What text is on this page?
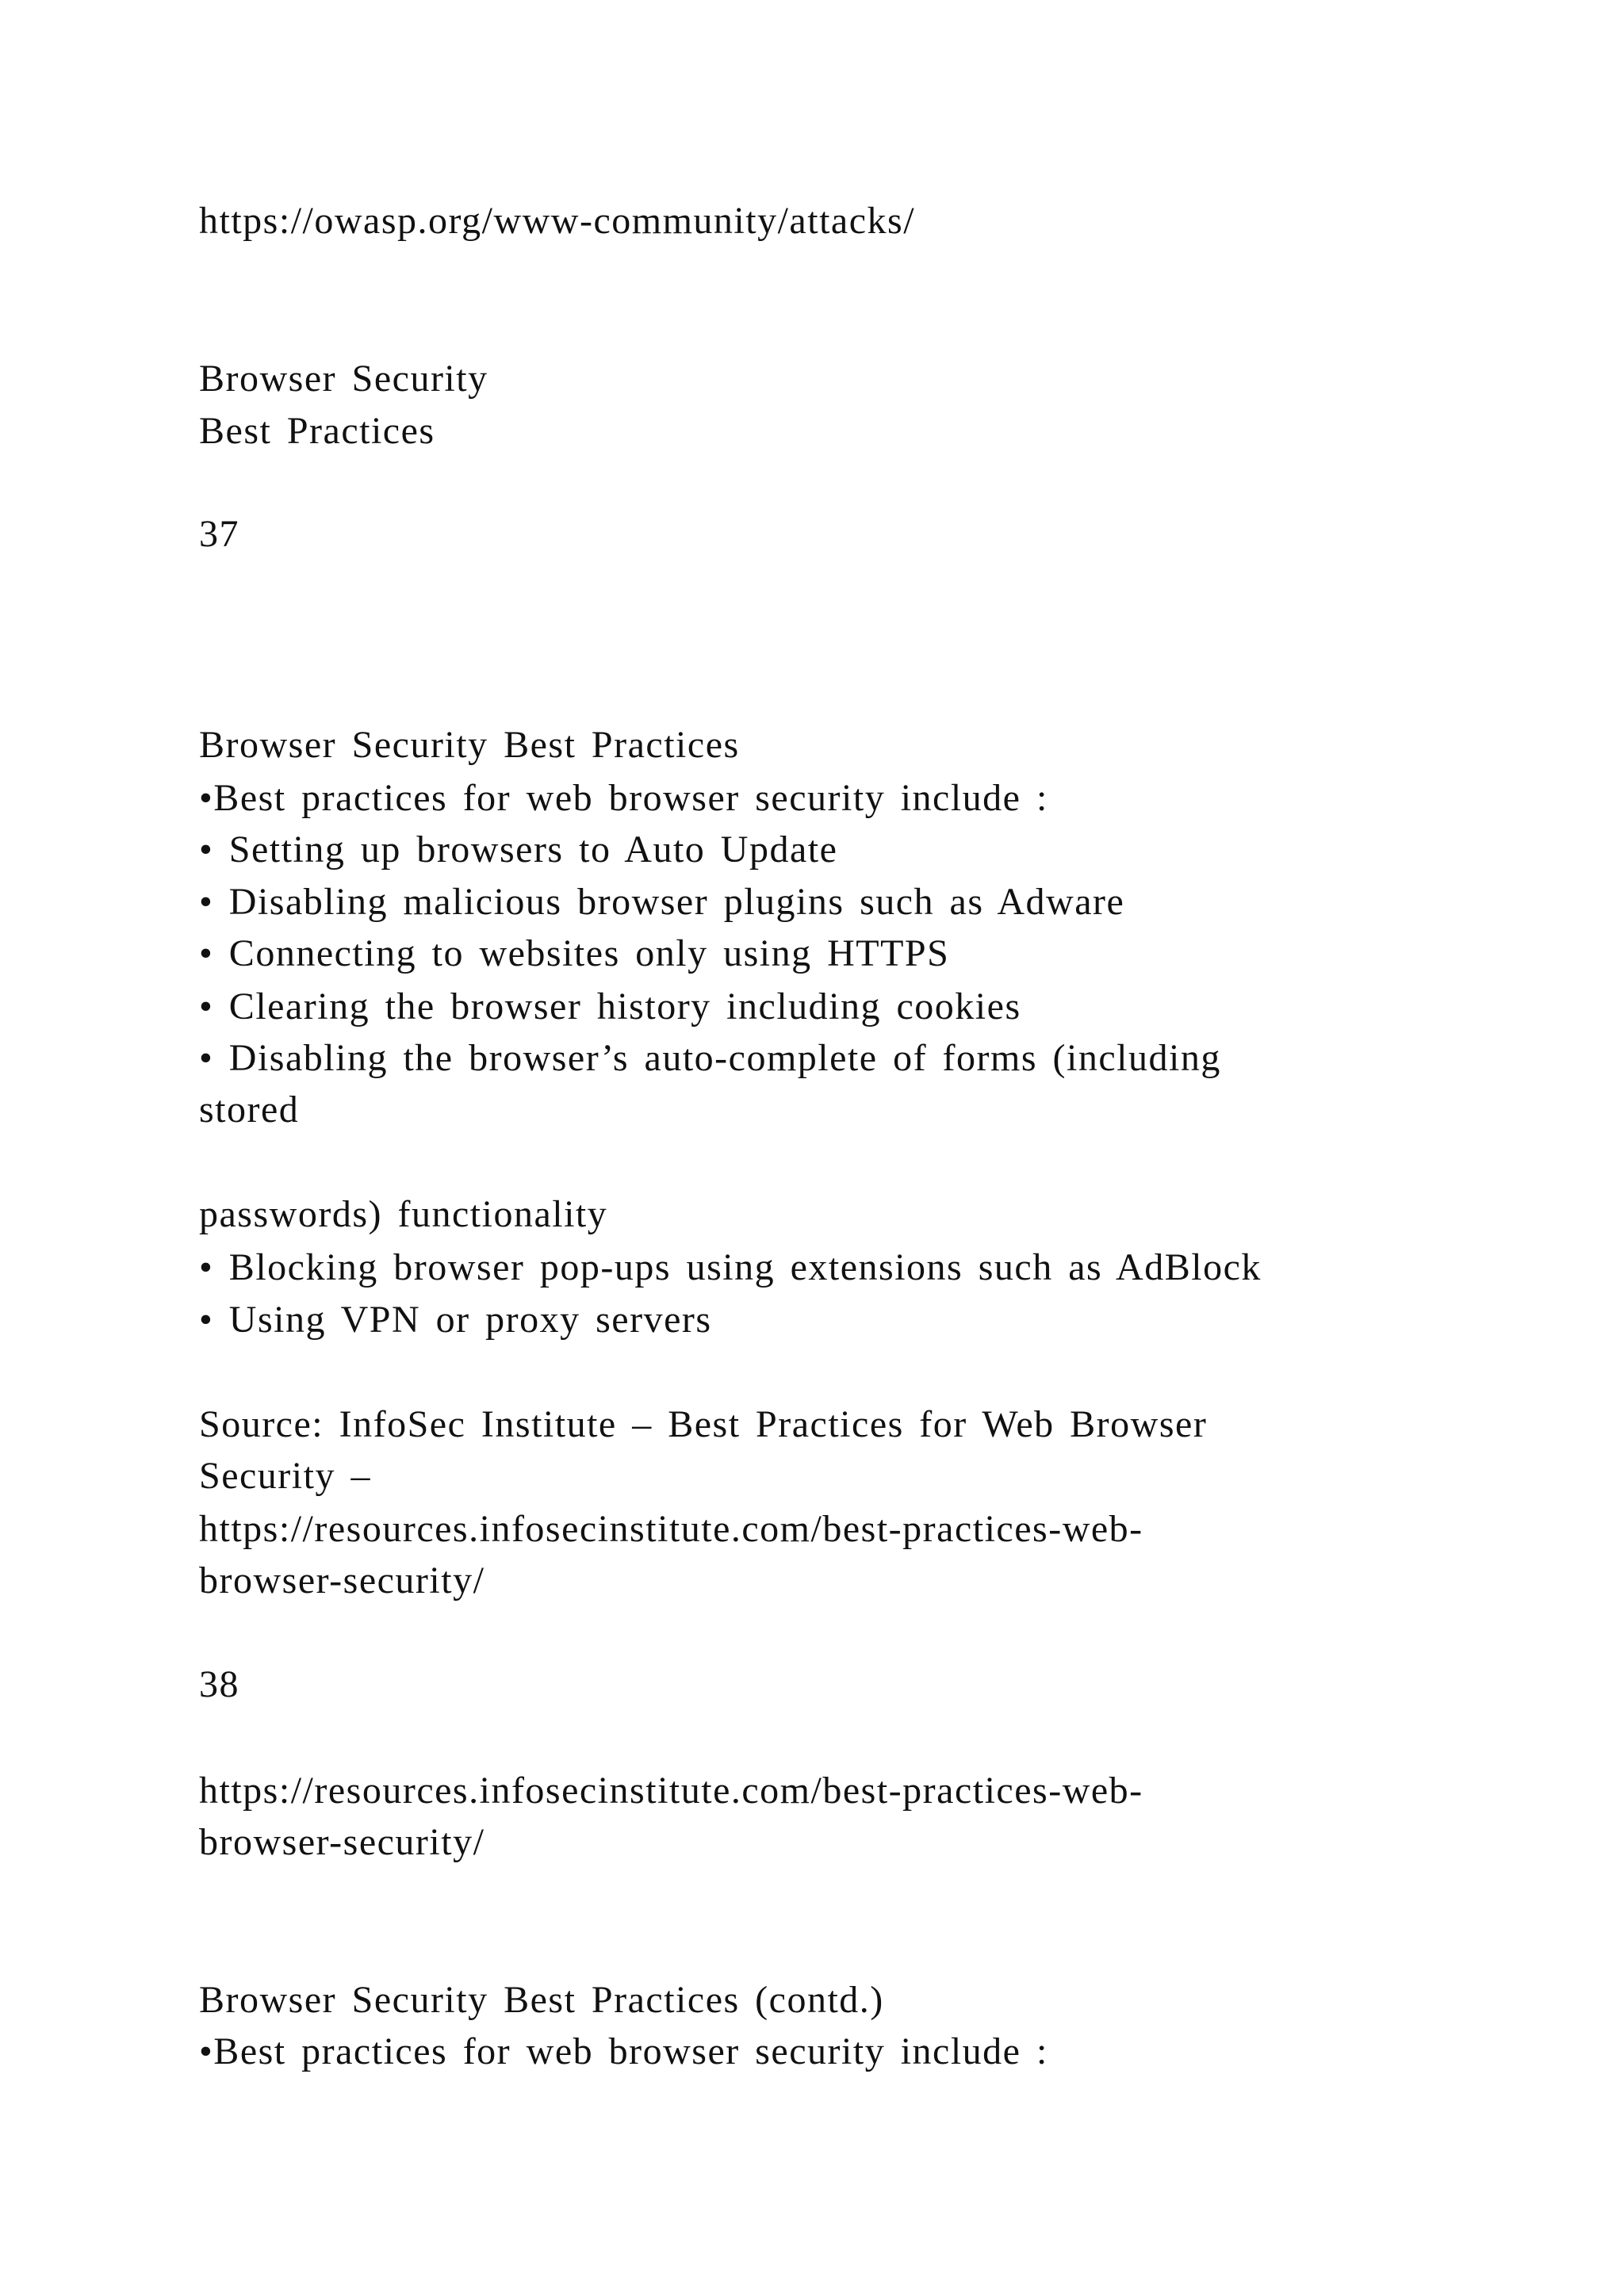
https://owasp.org/www-community/attacks/
Browser Security
Best Practices
37
Browser Security Best Practices
•Best practices for web browser security include :
• Setting up browsers to Auto Update
• Disabling malicious browser plugins such as Adware
• Connecting to websites only using HTTPS
• Clearing the browser history including cookies
• Disabling the browser’s auto-complete of forms (including
stored
passwords) functionality
• Blocking browser pop-ups using extensions such as AdBlock
• Using VPN or proxy servers
Source: InfoSec Institute – Best Practices for Web Browser
Security –
https://resources.infosecinstitute.com/best-practices-web-
browser-security/
38
https://resources.infosecinstitute.com/best-practices-web-
browser-security/
Browser Security Best Practices (contd.)
•Best practices for web browser security include :
